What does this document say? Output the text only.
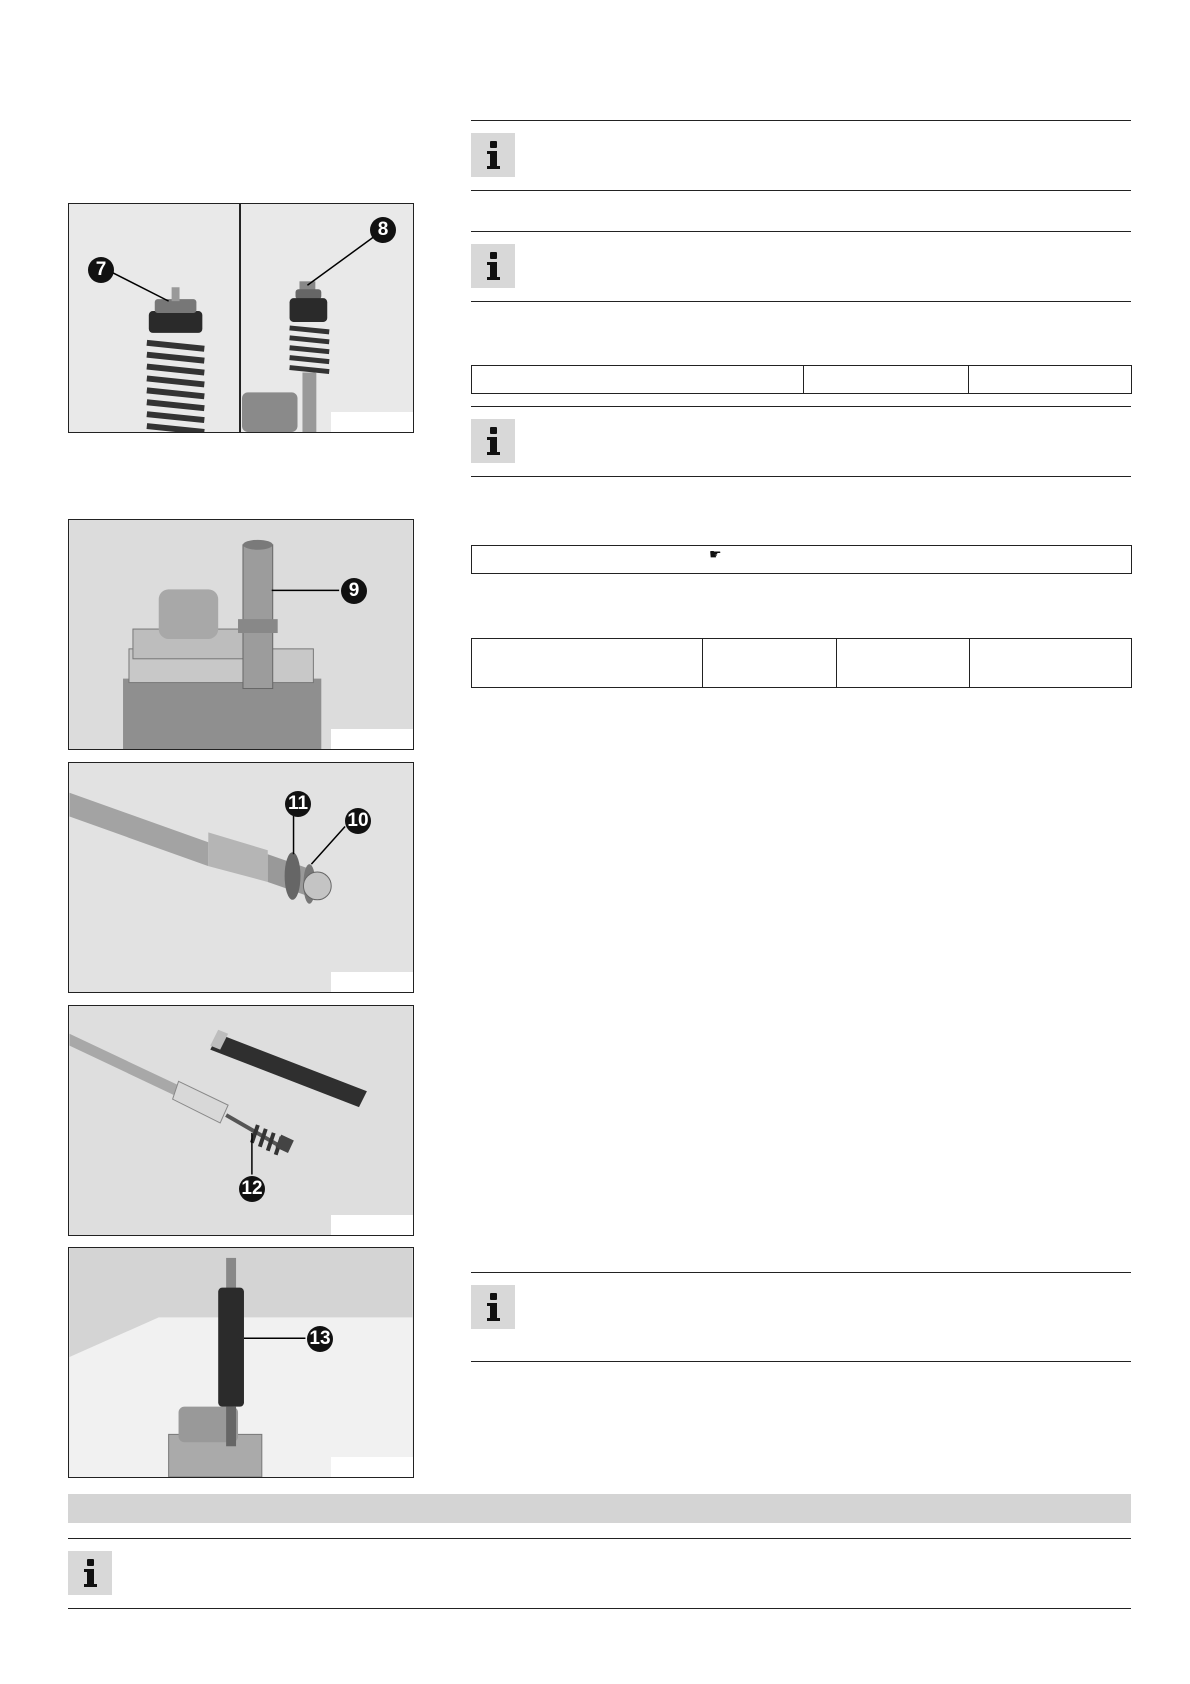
7
8
9
11
10
12
13

☛
